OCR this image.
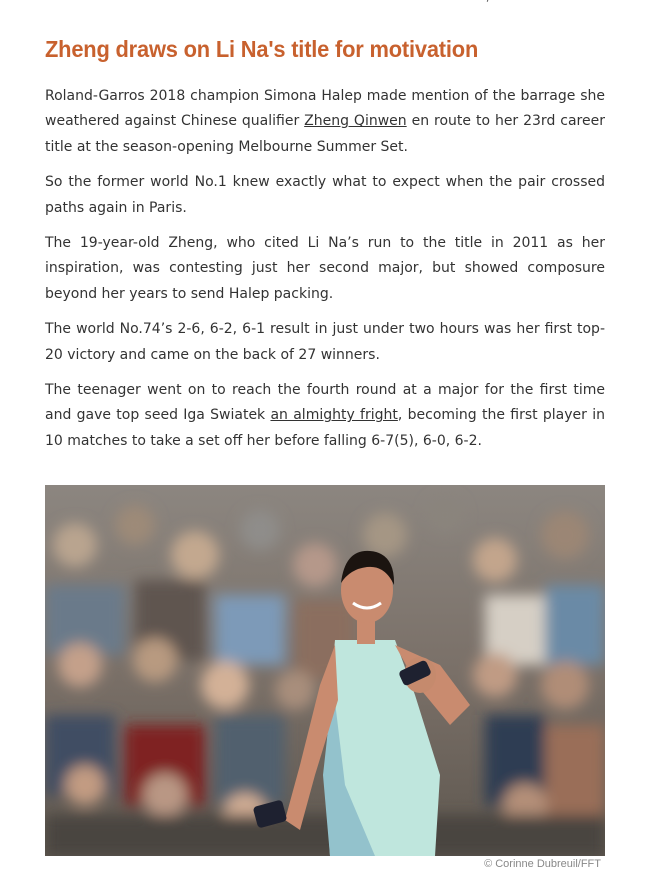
Zheng draws on Li Na's title for motivation

Roland-Garros 2018 champion Simona Halep made mention of the barrage she weathered against Chinese qualifier Zheng Qinwen en route to her 23rd career title at the season-opening Melbourne Summer Set.

So the former world No.1 knew exactly what to expect when the pair crossed paths again in Paris.

The 19-year-old Zheng, who cited Li Na’s run to the title in 2011 as her inspiration, was contesting just her second major, but showed composure beyond her years to send Halep packing.

The world No.74’s 2-6, 6-2, 6-1 result in just under two hours was her first top-20 victory and came on the back of 27 winners.

The teenager went on to reach the fourth round at a major for the first time and gave top seed Iga Swiatek an almighty fright, becoming the first player in 10 matches to take a set off her before falling 6-7(5), 6-0, 6-2.

© Corinne Dubreuil/FFT
